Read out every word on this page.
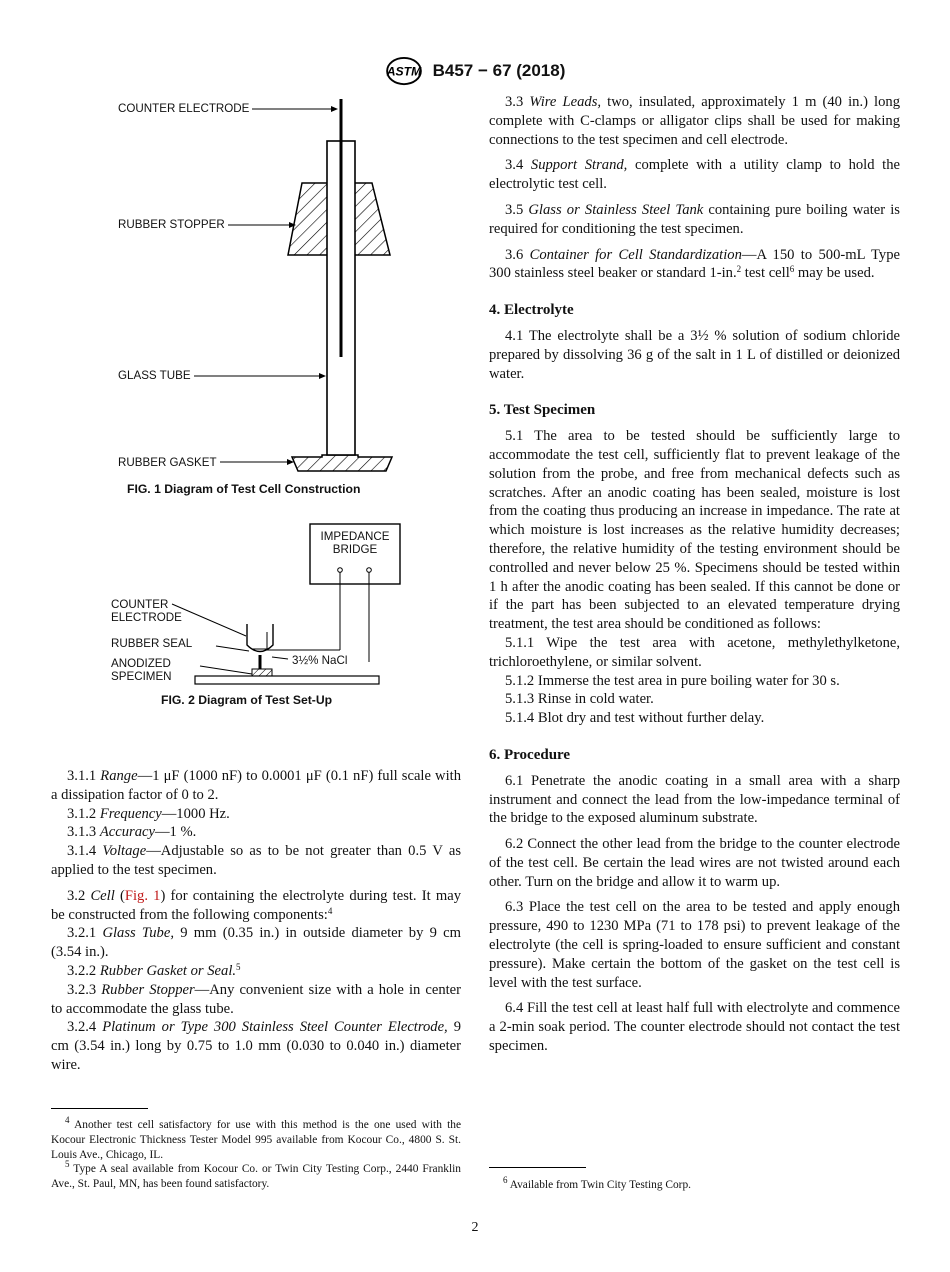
ASTM B457 − 67 (2018)
COUNTER ELECTRODE
RUBBER STOPPER
GLASS TUBE
RUBBER GASKET
FIG. 1 Diagram of Test Cell Construction
IMPEDANCE
BRIDGE
COUNTER
ELECTRODE
RUBBER SEAL
ANODIZED
SPECIMEN
3½% NaCl
FIG. 2 Diagram of Test Set-Up

3.1.1 Range—1 μF (1000 nF) to 0.0001 μF (0.1 nF) full scale with a dissipation factor of 0 to 2.

3.1.2 Frequency—1000 Hz.

3.1.3 Accuracy—1 %.

3.1.4 Voltage—Adjustable so as to be not greater than 0.5 V as applied to the test specimen.

3.2 Cell (Fig. 1) for containing the electrolyte during test. It may be constructed from the following components:$^4$

3.2.1 Glass Tube, 9 mm (0.35 in.) in outside diameter by 9 cm (3.54 in.).

3.2.2 Rubber Gasket or Seal.$^5$

3.2.3 Rubber Stopper—Any convenient size with a hole in center to accommodate the glass tube.

3.2.4 Platinum or Type 300 Stainless Steel Counter Electrode, 9 cm (3.54 in.) long by 0.75 to 1.0 mm (0.030 to 0.040 in.) diameter wire.

$^4$ Another test cell satisfactory for use with this method is the one used with the Kocour Electronic Thickness Tester Model 995 available from Kocour Co., 4800 S. St. Louis Ave., Chicago, IL.
$^5$ Type A seal available from Kocour Co. or Twin City Testing Corp., 2440 Franklin Ave., St. Paul, MN, has been found satisfactory.

3.3 Wire Leads, two, insulated, approximately 1 m (40 in.) long complete with C-clamps or alligator clips shall be used for making connections to the test specimen and cell electrode.

3.4 Support Strand, complete with a utility clamp to hold the electrolytic test cell.

3.5 Glass or Stainless Steel Tank containing pure boiling water is required for conditioning the test specimen.

3.6 Container for Cell Standardization—A 150 to 500-mL Type 300 stainless steel beaker or standard 1-in.$^2$ test cell$^6$ may be used.

4. Electrolyte

4.1 The electrolyte shall be a 3½ % solution of sodium chloride prepared by dissolving 36 g of the salt in 1 L of distilled or deionized water.

5. Test Specimen

5.1 The area to be tested should be sufficiently large to accommodate the test cell, sufficiently flat to prevent leakage of the solution from the probe, and free from mechanical defects such as scratches. After an anodic coating has been sealed, moisture is lost from the coating thus producing an increase in impedance. The rate at which moisture is lost increases as the relative humidity decreases; therefore, the relative humidity of the testing environment should be controlled and never below 25 %. Specimens should be tested within 1 h after the anodic coating has been sealed. If this cannot be done or if the part has been subjected to an elevated temperature drying treatment, the test area should be conditioned as follows:

5.1.1 Wipe the test area with acetone, methylethylketone, trichloroethylene, or similar solvent.

5.1.2 Immerse the test area in pure boiling water for 30 s.

5.1.3 Rinse in cold water.

5.1.4 Blot dry and test without further delay.

6. Procedure

6.1 Penetrate the anodic coating in a small area with a sharp instrument and connect the lead from the low-impedance terminal of the bridge to the exposed aluminum substrate.

6.2 Connect the other lead from the bridge to the counter electrode of the test cell. Be certain the lead wires are not twisted around each other. Turn on the bridge and allow it to warm up.

6.3 Place the test cell on the area to be tested and apply enough pressure, 490 to 1230 MPa (71 to 178 psi) to prevent leakage of the electrolyte (the cell is spring-loaded to ensure sufficient and constant pressure). Make certain the bottom of the gasket on the test cell is level with the test surface.

6.4 Fill the test cell at least half full with electrolyte and commence a 2-min soak period. The counter electrode should not contact the test specimen.

$^6$ Available from Twin City Testing Corp.
2
